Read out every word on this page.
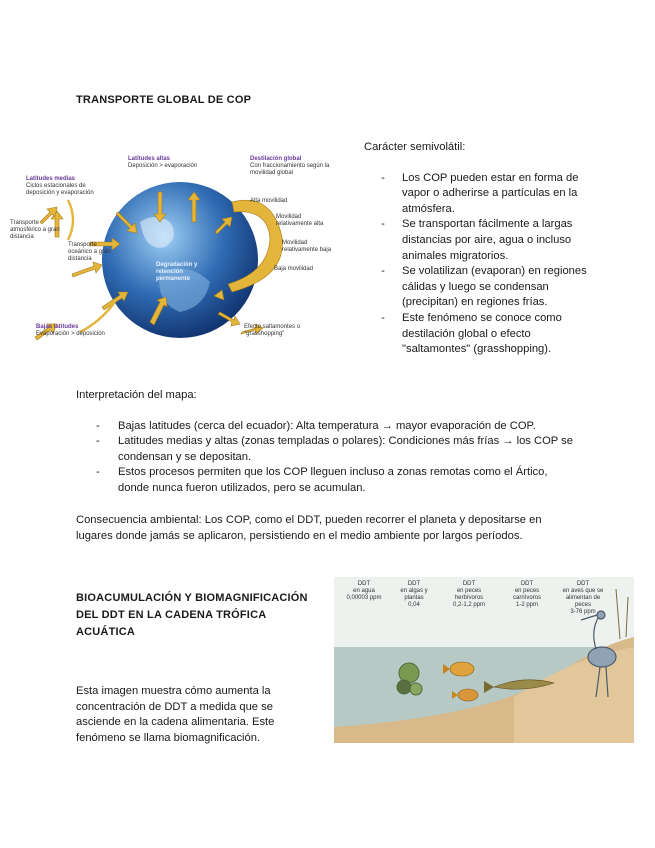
TRANSPORTE GLOBAL DE COP
Latitudes altas
Deposición > evaporación
Destilación global
Con fraccionamiento según la movilidad global
Latitudes medias
Ciclos estacionales de deposición y evaporación
Transporte atmosférico a gran distancia
Transporte oceánico a gran distancia
Degradación y retención permanente
Alta movilidad
Movilidad relativamente alta
Movilidad relativamente baja
Baja movilidad
Bajas latitudes
Evaporación > deposición
Efecto saltamontes o "grasshopping"
Carácter semivolátil:
-	Los COP pueden estar en forma de vapor o adherirse a partículas en la atmósfera.
-	Se transportan fácilmente a largas distancias por aire, agua o incluso animales migratorios.
-	Se volatilizan (evaporan) en regiones cálidas y luego se condensan (precipitan) en regiones frías.
-	Este fenómeno se conoce como destilación global o efecto "saltamontes" (grasshopping).
Interpretación del mapa:
-	Bajas latitudes (cerca del ecuador): Alta temperatura → mayor evaporación de COP.
-	Latitudes medias y altas (zonas templadas o polares): Condiciones más frías → los COP se condensan y se depositan.
-	Estos procesos permiten que los COP lleguen incluso a zonas remotas como el Ártico, donde nunca fueron utilizados, pero se acumulan.
Consecuencia ambiental: Los COP, como el DDT, pueden recorrer el planeta y depositarse en lugares donde jamás se aplicaron, persistiendo en el medio ambiente por largos períodos.
BIOACUMULACIÓN Y BIOMAGNIFICACIÓN DEL DDT EN LA CADENA TRÓFICA ACUÁTICA
Esta imagen muestra cómo aumenta la concentración de DDT a medida que se asciende en la cadena alimentaria. Este fenómeno se llama biomagnificación.
DDT
en agua
0,00003 ppm
DDT
en algas y plantas
0,04
DDT
en peces herbívoros
0,2-1,2 ppm
DDT
en peces carnívoros
1-2 ppm
DDT
en aves que se alimentan de peces
3-76 ppm
